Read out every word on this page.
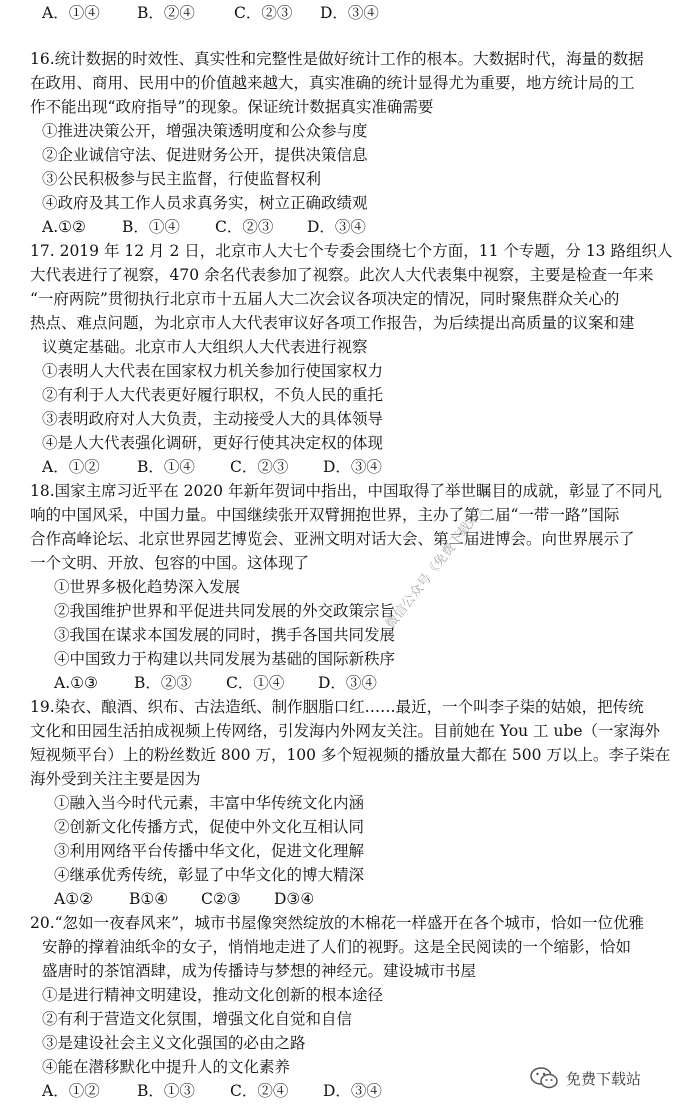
A．①④	B．②④	C．②③	D．③④
16.统计数据的时效性、真实性和完整性是做好统计工作的根本。大数据时代，海量的数据
在政用、商用、民用中的价值越来越大，真实准确的统计显得尤为重要，地方统计局的工
作不能出现“政府指导”的现象。保证统计数据真实准确需要
①推进决策公开，增强决策透明度和公众参与度
②企业诚信守法、促进财务公开，提供决策信息
③公民积极参与民主监督，行使监督权利
④政府及其工作人员求真务实，树立正确政绩观
A.①②	B．①④	C．②③	D．③④
17. 2019 年 12 月 2 日，北京市人大七个专委会围绕七个方面，11 个专题，分 13 路组织人
大代表进行了视察，470 余名代表参加了视察。此次人大代表集中视察，主要是检查一年来
“一府两院”贯彻执行北京市十五届人大二次会议各项决定的情况，同时聚焦群众关心的
热点、难点问题，为北京市人大代表审议好各项工作报告，为后续提出高质量的议案和建
议奠定基础。北京市人大组织人大代表进行视察
①表明人大代表在国家权力机关参加行使国家权力
②有利于人大代表更好履行职权，不负人民的重托
③表明政府对人大负责，主动接受人大的具体领导
④是人大代表强化调研，更好行使其决定权的体现
A．①②	B．①④	C．②③	D．③④
18.国家主席习近平在 2020 年新年贺词中指出，中国取得了举世瞩目的成就，彰显了不同凡
响的中国风采，中国力量。中国继续张开双臂拥抱世界，主办了第二届“一带一路”国际
合作高峰论坛、北京世界园艺博览会、亚洲文明对话大会、第二届进博会。向世界展示了
一个文明、开放、包容的中国。这体现了
①世界多极化趋势深入发展
②我国维护世界和平促进共同发展的外交政策宗旨
③我国在谋求本国发展的同时，携手各国共同发展
④中国致力于构建以共同发展为基础的国际新秩序
A.①③	B．②③	C．①④	D．③④
19.染衣、酿酒、织布、古法造纸、制作胭脂口红……最近，一个叫李子柒的姑娘，把传统
文化和田园生活拍成视频上传网络，引发海内外网友关注。目前她在 You 工 ube（一家海外
短视频平台）上的粉丝数近 800 万，100 多个短视频的播放量大都在 500 万以上。李子柒在
海外受到关注主要是因为
①融入当今时代元素，丰富中华传统文化内涵
②创新文化传播方式，促使中外文化互相认同
③利用网络平台传播中华文化，促进文化理解
④继承优秀传统，彰显了中华文化的博大精深
A①②	B①④	C②③	D③④
20.“忽如一夜春风来”，城市书屋像突然绽放的木棉花一样盛开在各个城市，恰如一位优雅
安静的撑着油纸伞的女子，悄悄地走进了人们的视野。这是全民阅读的一个缩影，恰如
盛唐时的茶馆酒肆，成为传播诗与梦想的神经元。建设城市书屋
①是进行精神文明建设，推动文化创新的根本途径
②有利于营造文化氛围，增强文化自觉和自信
③是建设社会主义文化强国的必由之路
④能在潜移默化中提升人的文化素养
A．①②	B．①③	C．②④	D．③④
微信公众号《免费下载站》
免费下载站
